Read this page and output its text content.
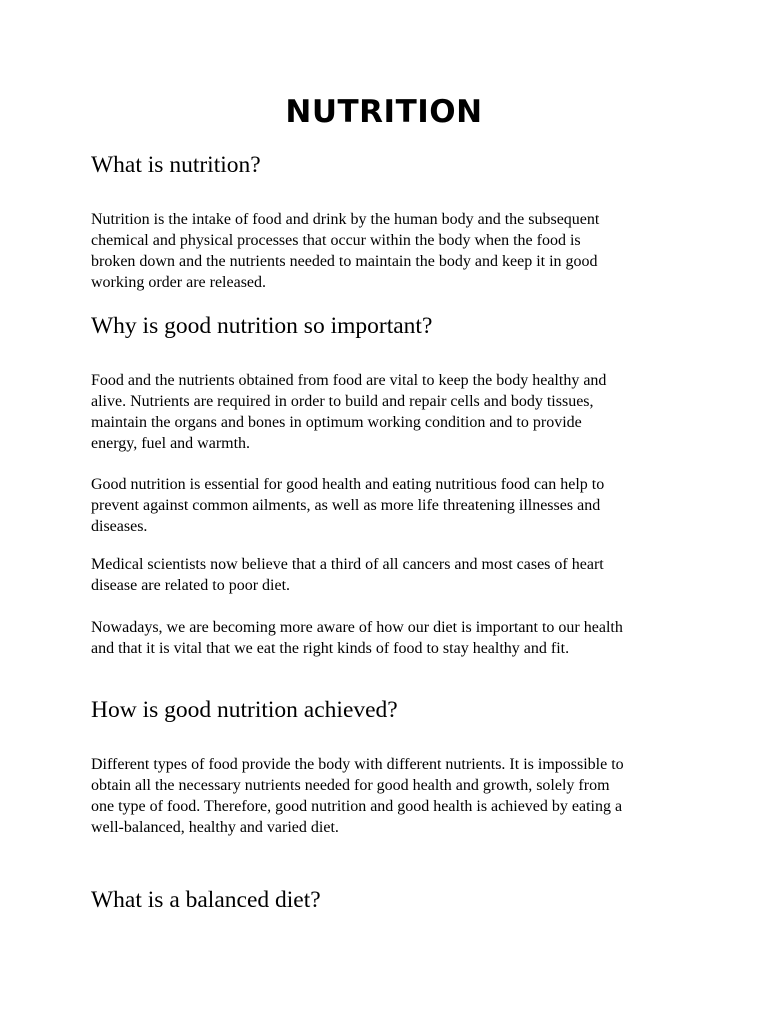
NUTRITION
What is nutrition?

Nutrition is the intake of food and drink by the human body and the subsequent
chemical and physical processes that occur within the body when the food is
broken down and the nutrients needed to maintain the body and keep it in good
working order are released.

Why is good nutrition so important?

Food and the nutrients obtained from food are vital to keep the body healthy and
alive. Nutrients are required in order to build and repair cells and body tissues,
maintain the organs and bones in optimum working condition and to provide
energy, fuel and warmth.

Good nutrition is essential for good health and eating nutritious food can help to
prevent against common ailments, as well as more life threatening illnesses and
diseases.

Medical scientists now believe that a third of all cancers and most cases of heart
disease are related to poor diet.

Nowadays, we are becoming more aware of how our diet is important to our health
and that it is vital that we eat the right kinds of food to stay healthy and fit.

How is good nutrition achieved?

Different types of food provide the body with different nutrients. It is impossible to
obtain all the necessary nutrients needed for good health and growth, solely from
one type of food. Therefore, good nutrition and good health is achieved by eating a
well-balanced, healthy and varied diet.

What is a balanced diet?
